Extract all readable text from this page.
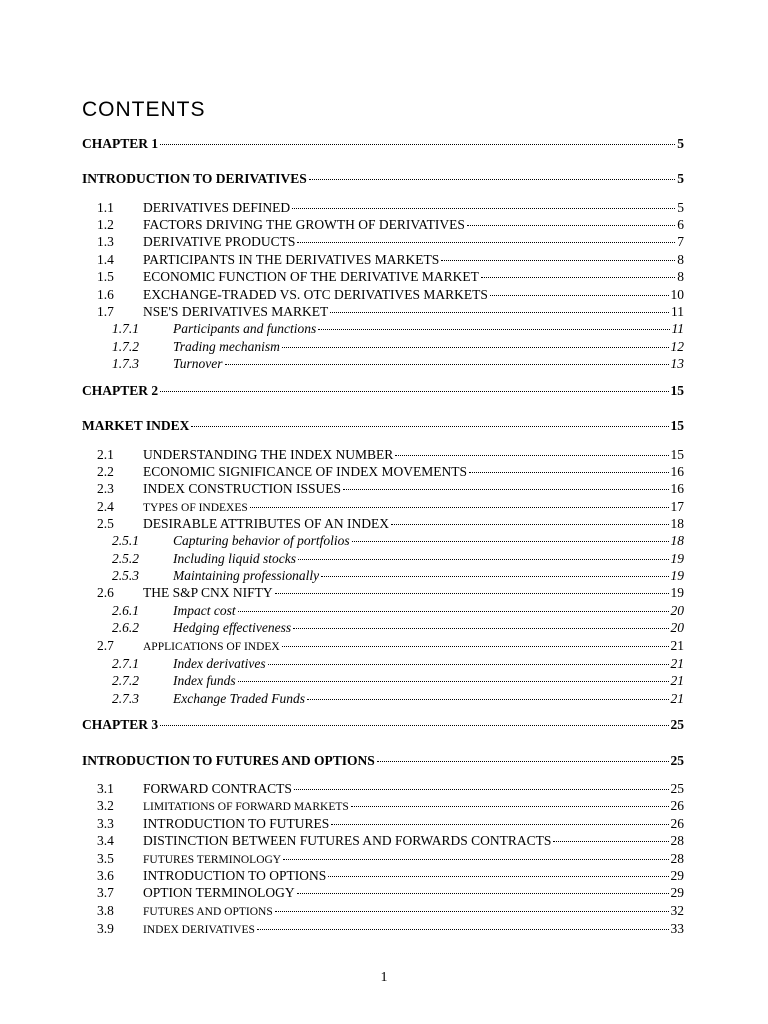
CONTENTS
CHAPTER 1	5
INTRODUCTION TO DERIVATIVES	5
1.1	DERIVATIVES DEFINED	5
1.2	FACTORS DRIVING THE GROWTH OF DERIVATIVES	6
1.3	DERIVATIVE PRODUCTS	7
1.4	PARTICIPANTS IN THE DERIVATIVES MARKETS	8
1.5	ECONOMIC FUNCTION OF THE DERIVATIVE MARKET	8
1.6	EXCHANGE-TRADED VS. OTC DERIVATIVES MARKETS	10
1.7	NSE'S DERIVATIVES MARKET	11
1.7.1	Participants and functions	11
1.7.2	Trading mechanism	12
1.7.3	Turnover	13
CHAPTER 2	15
MARKET INDEX	15
2.1	UNDERSTANDING THE INDEX NUMBER	15
2.2	ECONOMIC SIGNIFICANCE OF INDEX MOVEMENTS	16
2.3	INDEX CONSTRUCTION ISSUES	16
2.4	TYPES OF INDEXES	17
2.5	DESIRABLE ATTRIBUTES OF AN INDEX	18
2.5.1	Capturing behavior of portfolios	18
2.5.2	Including liquid stocks	19
2.5.3	Maintaining professionally	19
2.6	THE S&P CNX NIFTY	19
2.6.1	Impact cost	20
2.6.2	Hedging effectiveness	20
2.7	APPLICATIONS OF INDEX	21
2.7.1	Index derivatives	21
2.7.2	Index funds	21
2.7.3	Exchange Traded Funds	21
CHAPTER 3	25
INTRODUCTION TO FUTURES AND OPTIONS	25
3.1	FORWARD CONTRACTS	25
3.2	LIMITATIONS OF FORWARD MARKETS	26
3.3	INTRODUCTION TO FUTURES	26
3.4	DISTINCTION BETWEEN FUTURES AND FORWARDS CONTRACTS	28
3.5	FUTURES TERMINOLOGY	28
3.6	INTRODUCTION TO OPTIONS	29
3.7	OPTION TERMINOLOGY	29
3.8	FUTURES AND OPTIONS	32
3.9	INDEX DERIVATIVES	33
1
